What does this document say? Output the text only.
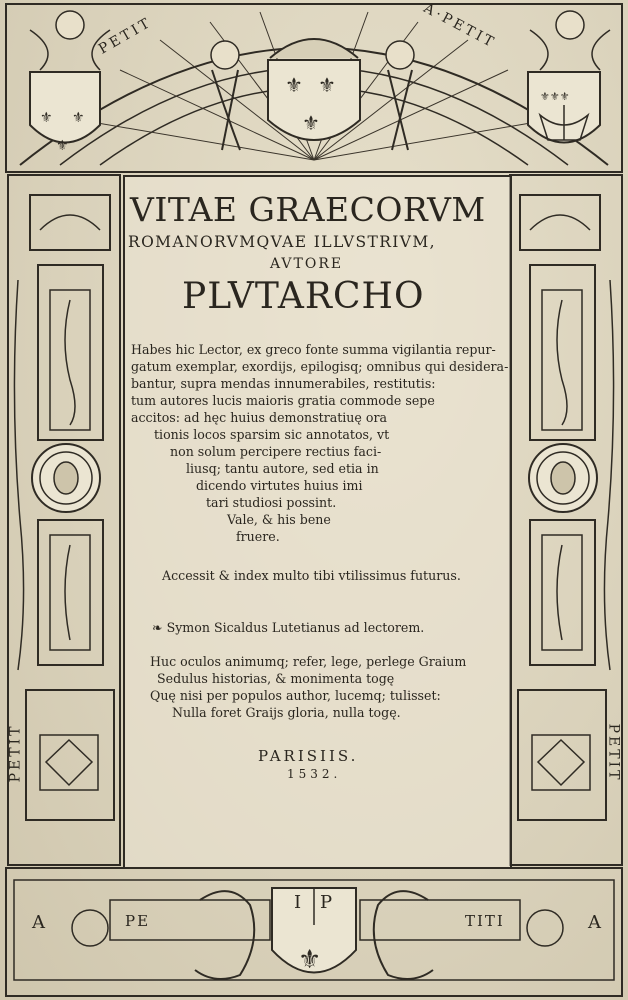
⚜ ⚜
⚜
⚜ ⚜
⚜
⚜⚜⚜
⚜
VITAE GRAECORVM
ROMANORVMQVAE ILLVSTRIVM,
AVTORE
PLVTARCHO
Habes hic Lector, ex greco fonte summa vigilantia repur-
gatum exemplar, exordijs, epilogisq; omnibus qui desidera-
bantur, supra mendas innumerabiles, restitutis:
tum autores lucis maioris gratia commode sepe
accitos: ad hęc huius demonstratiuę ora
tionis locos sparsim sic annotatos, vt
non solum percipere rectius faci-
liusq; tantu autore, sed etia in
dicendo virtutes huius imi
tari studiosi possint.
Vale, & his bene
fruere.
Accessit & index multo tibi vtilissimus futurus.
❧ Symon Sicaldus Lutetianus ad lectorem.
Huc oculos animumq; refer, lege, perlege Graium
Sedulus historias, & monimenta togę
Quę nisi per populos author, lucemq; tulisset:
Nulla foret Graijs gloria, nulla togę.
PARISIIS.
1532.
PETIT	A·PETIT
PETIT	PETIT
A	A
PE	TITI
I P
